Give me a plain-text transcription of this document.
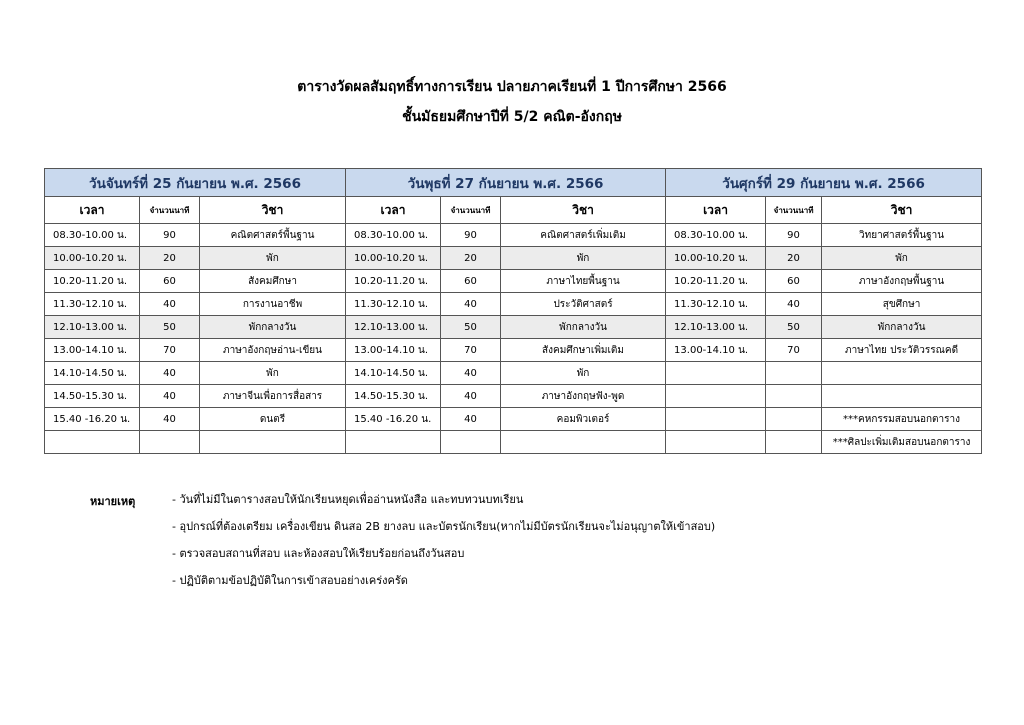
ตารางวัดผลสัมฤทธิ์ทางการเรียน ปลายภาคเรียนที่ 1 ปีการศึกษา 2566
ชั้นมัธยมศึกษาปีที่ 5/2 คณิต-อังกฤษ
วันจันทร์ที่ 25 กันยายน พ.ศ. 2566			วันพุธที่ 27 กันยายน พ.ศ. 2566			วันศุกร์ที่ 29 กันยายน พ.ศ. 2566		
เวลา	จำนวนนาที	วิชา	เวลา	จำนวนนาที	วิชา	เวลา	จำนวนนาที	วิชา
08.30-10.00 น.	90	คณิตศาสตร์พื้นฐาน	08.30-10.00 น.	90	คณิตศาสตร์เพิ่มเติม	08.30-10.00 น.	90	วิทยาศาสตร์พื้นฐาน
10.00-10.20 น.	20	พัก	10.00-10.20 น.	20	พัก	10.00-10.20 น.	20	พัก
10.20-11.20 น.	60	สังคมศึกษา	10.20-11.20 น.	60	ภาษาไทยพื้นฐาน	10.20-11.20 น.	60	ภาษาอังกฤษพื้นฐาน
11.30-12.10 น.	40	การงานอาชีพ	11.30-12.10 น.	40	ประวัติศาสตร์	11.30-12.10 น.	40	สุขศึกษา
12.10-13.00 น.	50	พักกลางวัน	12.10-13.00 น.	50	พักกลางวัน	12.10-13.00 น.	50	พักกลางวัน
13.00-14.10 น.	70	ภาษาอังกฤษอ่าน-เขียน	13.00-14.10 น.	70	สังคมศึกษาเพิ่มเติม	13.00-14.10 น.	70	ภาษาไทย ประวัติวรรณคดี
14.10-14.50 น.	40	พัก	14.10-14.50 น.	40	พัก			
14.50-15.30 น.	40	ภาษาจีนเพื่อการสื่อสาร	14.50-15.30 น.	40	ภาษาอังกฤษฟัง-พูด			
15.40 -16.20 น.	40	ดนตรี	15.40 -16.20 น.	40	คอมพิวเตอร์			***คหกรรมสอบนอกตาราง
								***ศิลปะเพิ่มเติมสอบนอกตาราง
หมายเหตุ	- วันที่ไม่มีในตารางสอบให้นักเรียนหยุดเพื่ออ่านหนังสือ และทบทวนบทเรียน
- อุปกรณ์ที่ต้องเตรียม เครื่องเขียน ดินสอ 2B ยางลบ และบัตรนักเรียน(หากไม่มีบัตรนักเรียนจะไม่อนุญาตให้เข้าสอบ)
- ตรวจสอบสถานที่สอบ และห้องสอบให้เรียบร้อยก่อนถึงวันสอบ
- ปฏิบัติตามข้อปฏิบัติในการเข้าสอบอย่างเคร่งครัด
